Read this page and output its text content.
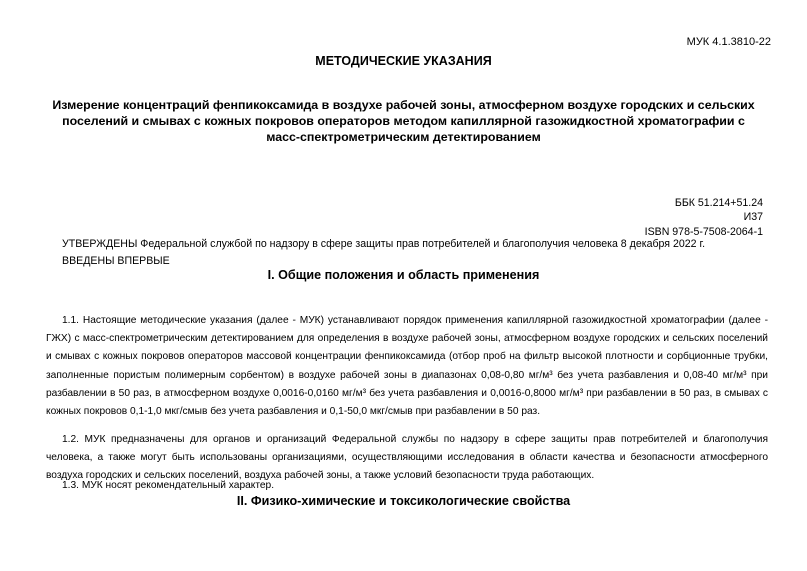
МУК 4.1.3810-22
МЕТОДИЧЕСКИЕ УКАЗАНИЯ
Измерение концентраций фенпикоксамида в воздухе рабочей зоны, атмосферном воздухе городских и сельских поселений и смывах с кожных покровов операторов методом капиллярной газожидкостной хроматографии с масс-спектрометрическим детектированием
ББК 51.214+51.24
И37
ISBN 978-5-7508-2064-1
УТВЕРЖДЕНЫ Федеральной службой по надзору в сфере защиты прав потребителей и благополучия человека 8 декабря 2022 г.
ВВЕДЕНЫ ВПЕРВЫЕ
I. Общие положения и область применения
1.1. Настоящие методические указания (далее - МУК) устанавливают порядок применения капиллярной газожидкостной хроматографии (далее - ГЖХ) с масс-спектрометрическим детектированием для определения в воздухе рабочей зоны, атмосферном воздухе городских и сельских поселений и смывах с кожных покровов операторов массовой концентрации фенпикоксамида (отбор проб на фильтр высокой плотности и сорбционные трубки, заполненные пористым полимерным сорбентом) в воздухе рабочей зоны в диапазонах 0,08-0,80 мг/м³ без учета разбавления и 0,08-40 мг/м³ при разбавлении в 50 раз, в атмосферном воздухе 0,0016-0,0160 мг/м³ без учета разбавления и 0,0016-0,8000 мг/м³ при разбавлении в 50 раз, в смывах с кожных покровов 0,1-1,0 мкг/смыв без учета разбавления и 0,1-50,0 мкг/смыв при разбавлении в 50 раз.
1.2. МУК предназначены для органов и организаций Федеральной службы по надзору в сфере защиты прав потребителей и благополучия человека, а также могут быть использованы организациями, осуществляющими исследования в области качества и безопасности атмосферного воздуха городских и сельских поселений, воздуха рабочей зоны, а также условий безопасности труда работающих.
1.3. МУК носят рекомендательный характер.
II. Физико-химические и токсикологические свойства
